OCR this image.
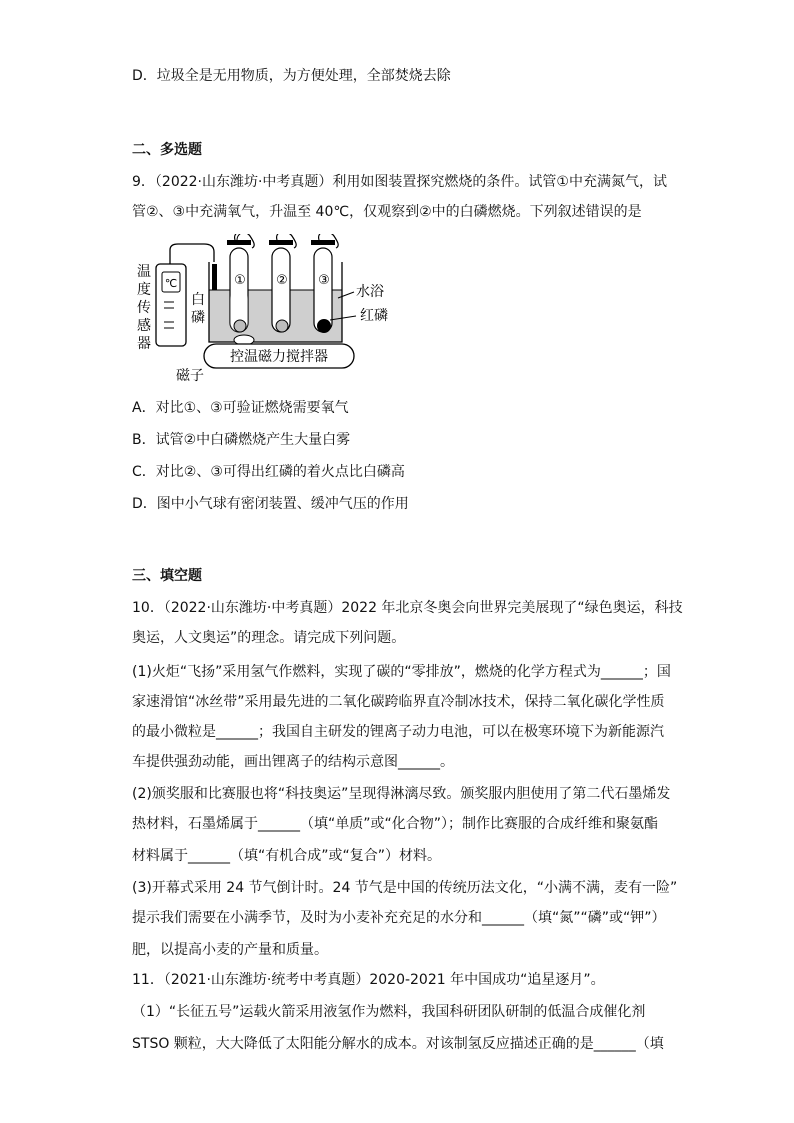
D．垃圾全是无用物质，为方便处理，全部焚烧去除
二、多选题
9．（2022·山东潍坊·中考真题）利用如图装置探究燃烧的条件。试管①中充满氮气，试
管②、③中充满氧气，升温至 40℃，仅观察到②中的白磷燃烧。下列叙述错误的是
℃
温
度
传
感
器
① ② ③
白
磷
水浴
红磷
控温磁力搅拌器
磁子
A．对比①、③可验证燃烧需要氧气
B．试管②中白磷燃烧产生大量白雾
C．对比②、③可得出红磷的着火点比白磷高
D．图中小气球有密闭装置、缓冲气压的作用
三、填空题
10．（2022·山东潍坊·中考真题）2022 年北京冬奥会向世界完美展现了“绿色奥运，科技
奥运，人文奥运”的理念。请完成下列问题。
(1)火炬“飞扬”采用氢气作燃料，实现了碳的“零排放”，燃烧的化学方程式为______；国
家速滑馆“冰丝带”采用最先进的二氧化碳跨临界直冷制冰技术，保持二氧化碳化学性质
的最小微粒是______；我国自主研发的锂离子动力电池，可以在极寒环境下为新能源汽
车提供强劲动能，画出锂离子的结构示意图______。
(2)颁奖服和比赛服也将“科技奥运”呈现得淋漓尽致。颁奖服内胆使用了第二代石墨烯发
热材料，石墨烯属于______（填“单质”或“化合物”）；制作比赛服的合成纤维和聚氨酯
材料属于______（填“有机合成”或“复合”）材料。
(3)开幕式采用 24 节气倒计时。24 节气是中国的传统历法文化，“小满不满，麦有一险”
提示我们需要在小满季节，及时为小麦补充充足的水分和______（填“氮”“磷”或“钾”）
肥，以提高小麦的产量和质量。
11．（2021·山东潍坊·统考中考真题）2020-2021 年中国成功“追星逐月”。
（1）“长征五号”运载火箭采用液氢作为燃料，我国科研团队研制的低温合成催化剂
STSO 颗粒，大大降低了太阳能分解水的成本。对该制氢反应描述正确的是______（填
